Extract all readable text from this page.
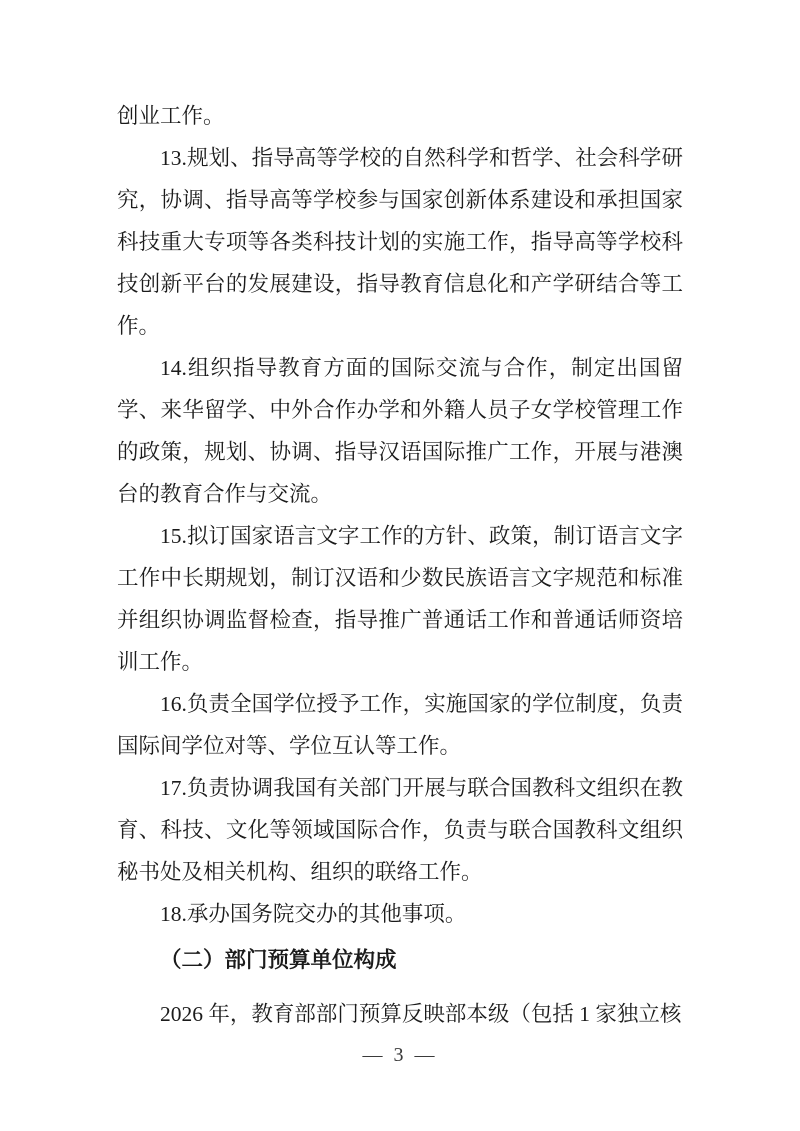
创业工作。

13.规划、指导高等学校的自然科学和哲学、社会科学研究，协调、指导高等学校参与国家创新体系建设和承担国家科技重大专项等各类科技计划的实施工作，指导高等学校科技创新平台的发展建设，指导教育信息化和产学研结合等工作。

14.组织指导教育方面的国际交流与合作，制定出国留学、来华留学、中外合作办学和外籍人员子女学校管理工作的政策，规划、协调、指导汉语国际推广工作，开展与港澳台的教育合作与交流。

15.拟订国家语言文字工作的方针、政策，制订语言文字工作中长期规划，制订汉语和少数民族语言文字规范和标准并组织协调监督检查，指导推广普通话工作和普通话师资培训工作。

16.负责全国学位授予工作，实施国家的学位制度，负责国际间学位对等、学位互认等工作。

17.负责协调我国有关部门开展与联合国教科文组织在教育、科技、文化等领域国际合作，负责与联合国教科文组织秘书处及相关机构、组织的联络工作。

18.承办国务院交办的其他事项。

（二）部门预算单位构成

2026 年，教育部部门预算反映部本级（包括 1 家独立核

— 3 —
